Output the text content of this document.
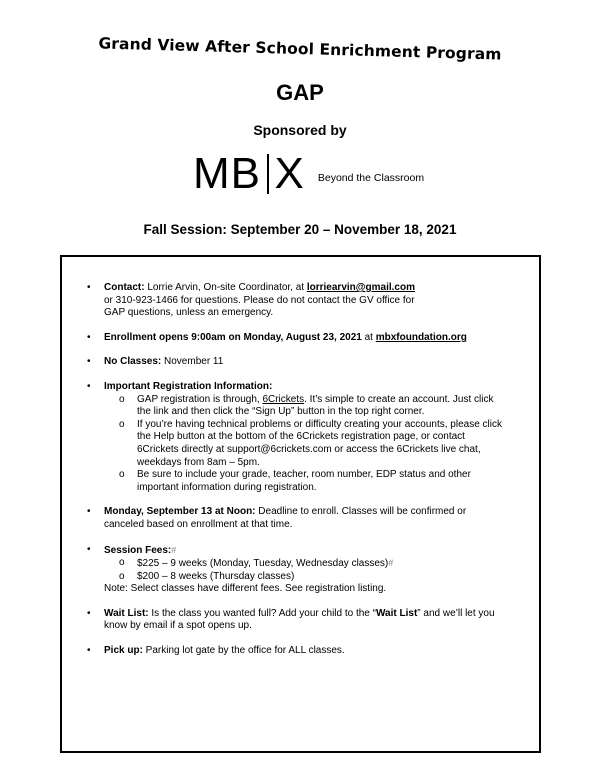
Grand View After School Enrichment Program
GAP
Sponsored by
MB X Beyond the Classroom
Fall Session: September 20 – November 18, 2021
• Contact: Lorrie Arvin, On-site Coordinator, at lorriearvin@gmail.com
or 310-923-1466 for questions. Please do not contact the GV office for
GAP questions, unless an emergency.
• Enrollment opens 9:00am on Monday, August 23, 2021 at mbxfoundation.org
• No Classes: November 11
• Important Registration Information:
o GAP registration is through, 6Crickets. It’s simple to create an account. Just click
the link and then click the “Sign Up” button in the top right corner.
o If you’re having technical problems or difficulty creating your accounts, please click
the Help button at the bottom of the 6Crickets registration page, or contact
6Crickets directly at support@6crickets.com or access the 6Crickets live chat,
weekdays from 8am – 5pm.
o Be sure to include your grade, teacher, room number, EDP status and other
important information during registration.
• Monday, September 13 at Noon: Deadline to enroll. Classes will be confirmed or
canceled based on enrollment at that time.
• Session Fees:#
o $225 – 9 weeks (Monday, Tuesday, Wednesday classes)#
o $200 – 8 weeks (Thursday classes)
Note: Select classes have different fees. See registration listing.
• Wait List: Is the class you wanted full? Add your child to the “Wait List” and we’ll let you
know by email if a spot opens up.
• Pick up: Parking lot gate by the office for ALL classes.
